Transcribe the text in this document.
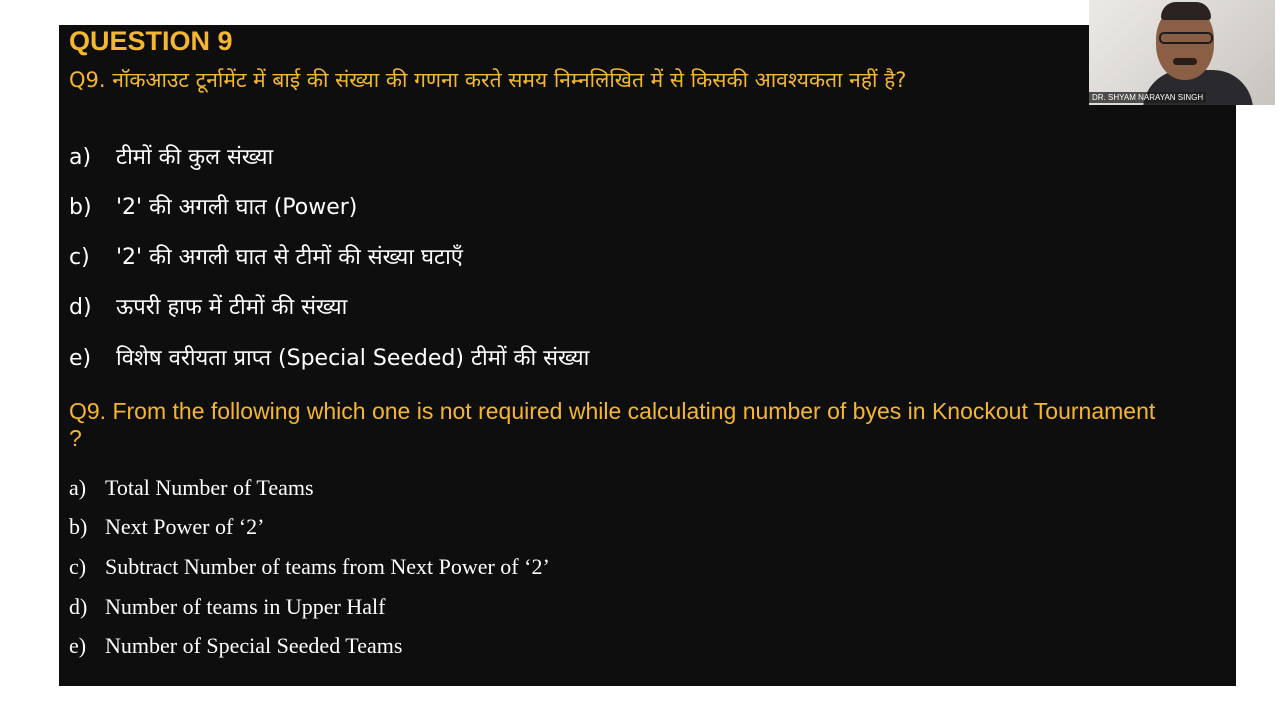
QUESTION 9
Q9. नॉकआउट टूर्नामेंट में बाई की संख्या की गणना करते समय निम्नलिखित में से किसकी आवश्यकता नहीं है?
a) टीमों की कुल संख्या
b) '2' की अगली घात (Power)
c) '2' की अगली घात से टीमों की संख्या घटाएँ
d) ऊपरी हाफ में टीमों की संख्या
e) विशेष वरीयता प्राप्त (Special Seeded) टीमों की संख्या
Q9. From the following which one is not required while calculating number of byes in Knockout Tournament ?
a) Total Number of Teams
b) Next Power of ‘2’
c) Subtract Number of teams from Next Power of ‘2’
d) Number of teams in Upper Half
e) Number of Special Seeded Teams
DR. SHYAM NARAYAN SINGH
